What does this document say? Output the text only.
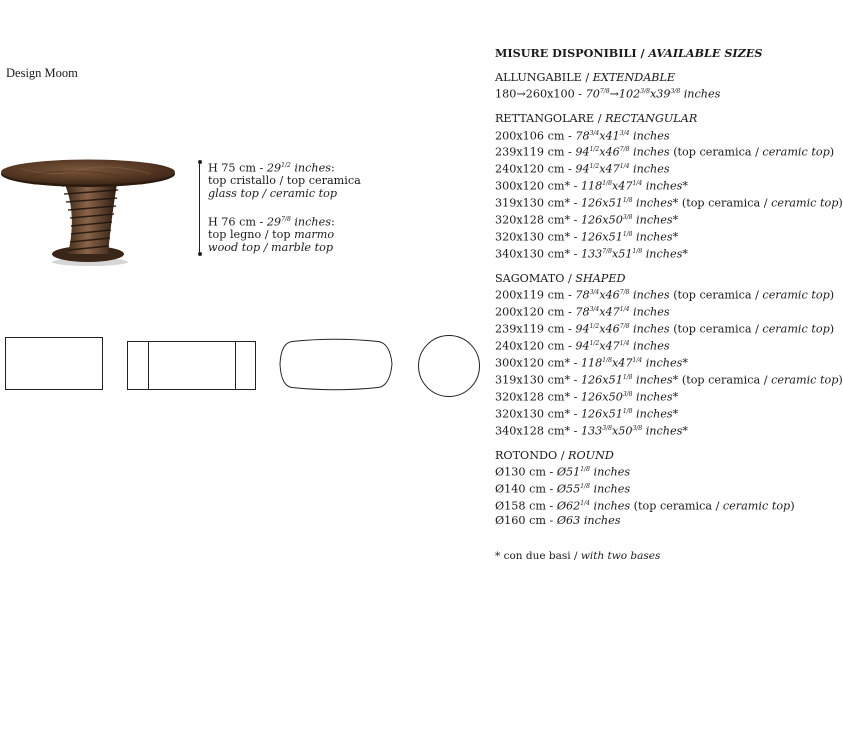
Design Moom

H 75 cm - $29^{1/2}$ inches:

top cristallo / top ceramica

glass top / ceramic top

H 76 cm - $29^{7/8}$ inches:

top legno / top marmo

wood top / marble top

MISURE DISPONIBILI / AVAILABLE SIZES

ALLUNGABILE / EXTENDABLE

$180\to 260x100 - 70^{7/8}\to 102^{3/8}x39^{3/8}$ inches

RETTANGOLARE / RECTANGULAR

200x106 cm - $78^{3/4}x41^{3/4}$ inches

239x119 cm - $94^{1/2}x46^{7/8}$ inches (top ceramica / ceramic top)

240x120 cm - $94^{1/2}x47^{1/4}$ inches

300x120 $cm* - 118^{1/8}x47^{1/4}$ inches*

319x130 $cm* - 126x51^{1/8}$ inches* (top ceramica / ceramic top)

320x128 $cm* - 126x50^{3/8}$ inches*

320x130 $cm* - 126x51^{1/8}$ inches*

340x130 $cm* - 133^{7/8}x51^{1/8}$ inches*

SAGOMATO / SHAPED

200x119 cm - $78^{3/4}x46^{7/8}$ inches (top ceramica / ceramic top)

200x120 cm - $78^{3/4}x47^{1/4}$ inches

239x119 cm - $94^{1/2}x46^{7/8}$ inches (top ceramica / ceramic top)

240x120 cm - $94^{1/2}x47^{1/4}$ inches

300x120 $cm* - 118^{1/8}x47^{1/4}$ inches*

319x130 $cm* - 126x51^{1/8}$ inches* (top ceramica / ceramic top)

320x128 $cm* - 126x50^{3/8}$ inches*

320x130 $cm* - 126x51^{1/8}$ inches*

340x128 $cm* - 133^{3/8}x50^{3/8}$ inches*

ROTONDO / ROUND

Ø130 cm - $Ø51^{1/8}$ inches

Ø140 cm - $Ø55^{1/8}$ inches

Ø158 cm - $Ø62^{1/4}$ inches (top ceramica / ceramic top)

Ø160 cm - Ø63 inches

* con due basi / with two bases
